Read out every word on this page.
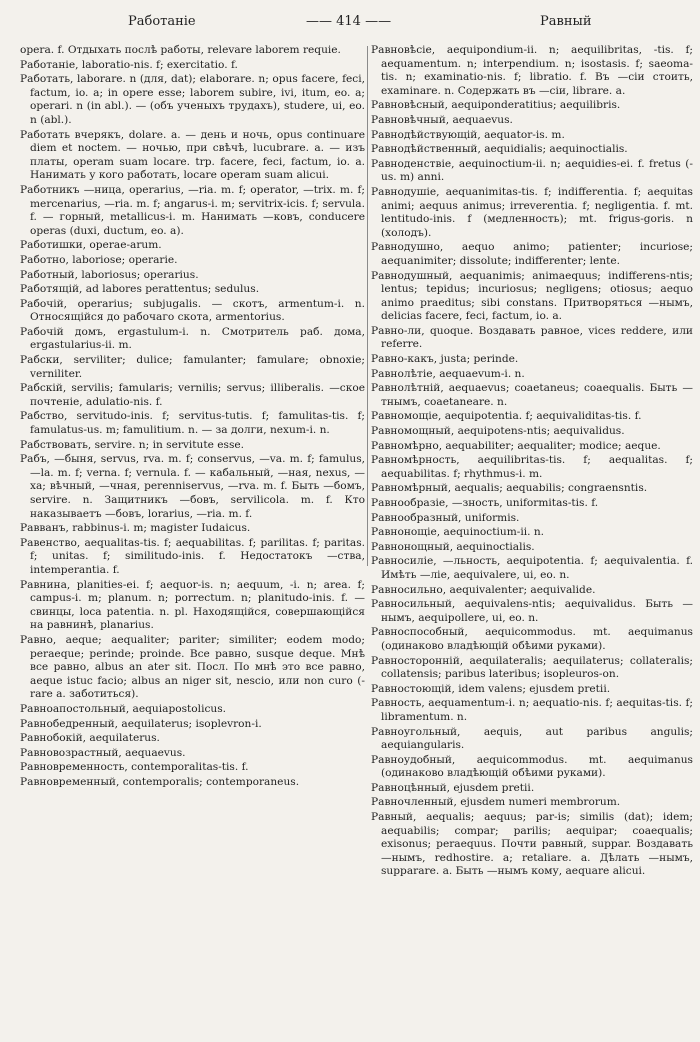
Работаніе	—— 414 ——	Равный

opera. f. Отдыхать послѣ работы, relevare laborem requie.

Работаніе, laboratio-nis. f; exercitatio. f.

Работать, laborare. n (для, dat); elaborare. n; opus facere, feci, factum, io. a; in opere esse; laborem subire, ivi, itum, eo. a; operari. n (in abl.). — (объ ученыхъ трудахъ), studere, ui, eo. n (abl.).

Работать вчерякъ, dolare. a. — день и ночь, opus continuare diem et noctem. — ночью, при свѣчѣ, lucubrare. a. — изъ платы, operam suam locare. trp. facere, feci, factum, io. a. Нанимать у кого работать, locare operam suam alicui.

Работникъ —ница, operarius, —ria. m. f; operator, —trix. m. f; mercenarius, —ria. m. f; angarus-i. m; servitrix-icis. f; servula. f. — горный, metallicus-i. m. Нанимать —ковъ, conducere operas (duxi, ductum, eo. a).

Работишки, operae-arum.

Работно, laboriose; operarie.

Работный, laboriosus; operarius.

Работящій, ad labores perattentus; sedulus.

Рабочій, operarius; subjugalis. — скотъ, armentum-i. n. Относящійся до рабочаго скота, armentorius.

Рабочій домъ, ergastulum-i. n. Смотритель раб. дома, ergastularius-ii. m.

Рабски, serviliter; dulice; famulanter; famulare; obnoxie; verniliter.

Рабскій, servilis; famularis; vernilis; servus; illiberalis. —ское почтеніе, adulatio-nis. f.

Рабство, servitudo-inis. f; servitus-tutis. f; famulitas-tis. f; famulatus-us. m; famulitium. n. — за долги, nexum-i. n.

Рабствовать, servire. n; in servitute esse.

Рабъ, —быня, servus, rva. m. f; conservus, —va. m. f; famulus, —la. m. f; verna. f; vernula. f. — кабальный, —ная, nexus, —xa; вѣчный, —чная, perenniservus, —rva. m. f. Быть —бомъ, servire. n. Защитникъ —бовъ, servilicola. m. f. Кто наказываетъ —бовъ, lorarius, —ria. m. f.

Равванъ, rabbinus-i. m; magister Iudaicus.

Равенство, aequalitas-tis. f; aequabilitas. f; parilitas. f; paritas. f; unitas. f; similitudo-inis. f. Недостатокъ —ства, intemperantia. f.

Равнина, planities-ei. f; aequor-is. n; aequum, -i. n; area. f; campus-i. m; planum. n; porrectum. n; planitudo-inis. f. — свинцы, loca patentia. n. pl. Находящійся, совершающійся на равнинѣ, planarius.

Равно, aeque; aequaliter; pariter; similiter; eodem modo; peraeque; perinde; proinde. Все равно, susque deque. Мнѣ все равно, albus an ater sit. Посл. По мнѣ это все равно, aeque istuc facio; albus an niger sit, nescio, или non curo (-rare a. заботиться).

Равноапостольный, aequiapostolicus.

Равнобедренный, aequilaterus; isoplevron-i.

Равнобокій, aequilaterus.

Равновозрастный, aequaevus.

Равновременность, contemporalitas-tis. f.

Равновременный, contemporalis; contemporaneus.

Равновѣсіе, aequipondium-ii. n; aequilibritas, -tis. f; aequamentum. n; interpendium. n; isostasis. f; saeoma-tis. n; examinatio-nis. f; libratio. f. Въ —сіи стоить, examinare. n. Содержать въ —сіи, librare. a.

Равновѣсный, aequiponderatitius; aequilibris.

Равновѣчный, aequaevus.

Равнодѣйствующій, aequator-is. m.

Равнодѣйственный, aequidialis; aequinoctialis.

Равноденствіе, aequinoctium-ii. n; aequidies-ei. f. fretus (-us. m) anni.

Равнодушіе, aequanimitas-tis. f; indifferentia. f; aequitas animi; aequus animus; irreverentia. f; negligentia. f. mt. lentitudo-inis. f (медленность); mt. frigus-goris. n (холодъ).

Равнодушно, aequo animo; patienter; incuriose; aequanimiter; dissolute; indifferenter; lente.

Равнодушный, aequanimis; animaequus; indifferens-ntis; lentus; tepidus; incuriosus; negligens; otiosus; aequo animo praeditus; sibi constans. Притворяться —нымъ, delicias facere, feci, factum, io. a.

Равно-ли, quoque. Воздавать равное, vices reddere, или referre.

Равно-какъ, justa; perinde.

Равнолѣтіе, aequaevum-i. n.

Равнолѣтній, aequaevus; coaetaneus; coaequalis. Быть —тнымъ, coaetaneare. n.

Равномощіе, aequipotentia. f; aequivaliditas-tis. f.

Равномощный, aequipotens-ntis; aequivalidus.

Равномѣрно, aequabiliter; aequaliter; modice; aeque.

Равномѣрность, aequilibritas-tis. f; aequalitas. f; aequabilitas. f; rhythmus-i. m.

Равномѣрный, aequalis; aequabilis; congraensntis.

Равнообразіе, —зность, uniformitas-tis. f.

Равнообразный, uniformis.

Равнонощіе, aequinoctium-ii. n.

Равнонощный, aequinoctialis.

Равносиліе, —льность, aequipotentia. f; aequivalentia. f. Имѣть —ліе, aequivalere, ui, eo. n.

Равносильно, aequivalenter; aequivalide.

Равносильный, aequivalens-ntis; aequivalidus. Быть —нымъ, aequipollere, ui, eo. n.

Равноспособный, aequicommodus. mt. aequimanus (одинаково владѣющій обѣими руками).

Равностороннiй, aequilateralis; aequilaterus; collateralis; collatensis; paribus lateribus; isopleuros-on.

Равностоющій, idem valens; ejusdem pretii.

Равность, aequamentum-i. n; aequatio-nis. f; aequitas-tis. f; libramentum. n.

Равноугольный, aequis, aut paribus angulis; aequiangularis.

Равноудобный, aequicommodus. mt. aequimanus (одинаково владѣющій обѣими руками).

Равноцѣнный, ejusdem pretii.

Равночленный, ejusdem numeri membrorum.

Равный, aequalis; aequus; par-is; similis (dat); idem; aequabilis; compar; parilis; aequipar; coaequalis; exisonus; peraequus. Почти равный, suppar. Воздавать —нымъ, redhostire. a; retaliare. a. Дѣлать —нымъ, supparare. a. Быть —нымъ кому, aequare alicui.
